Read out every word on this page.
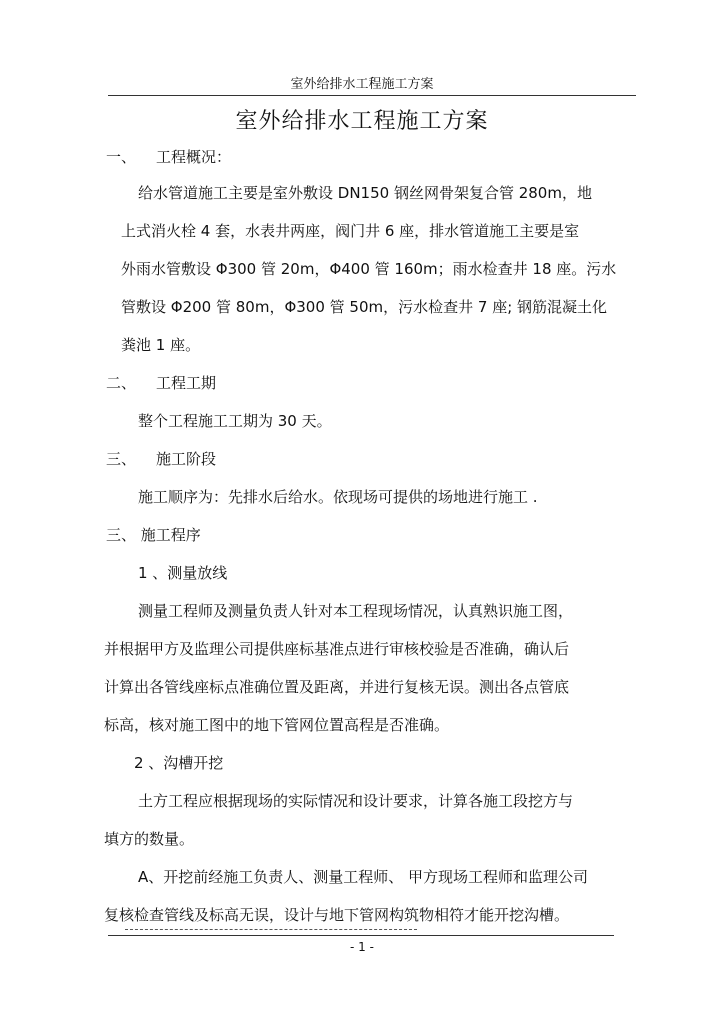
室外给排水工程施工方案
室外给排水工程施工方案
一、 工程概况：
给水管道施工主要是室外敷设 DN150 钢丝网骨架复合管 280m，地
上式消火栓 4 套，水表井两座，阀门井 6 座，排水管道施工主要是室
外雨水管敷设 Φ300 管 20m，Φ400 管 160m；雨水检查井 18 座。污水
管敷设 Φ200 管 80m，Φ300 管 50m，污水检查井 7 座; 钢筋混凝土化
粪池 1 座。
二、 工程工期
整个工程施工工期为 30 天。
三、 施工阶段
施工顺序为：先排水后给水。依现场可提供的场地进行施工 .
三、 施工程序
1 、测量放线
测量工程师及测量负责人针对本工程现场情况，认真熟识施工图，
并根据甲方及监理公司提供座标基准点进行审核校验是否准确，确认后
计算出各管线座标点准确位置及距离，并进行复核无误。测出各点管底
标高，核对施工图中的地下管网位置高程是否准确。
2 、沟槽开挖
土方工程应根据现场的实际情况和设计要求，计算各施工段挖方与
填方的数量。
A、开挖前经施工负责人、测量工程师、 甲方现场工程师和监理公司
复核检查管线及标高无误，设计与地下管网构筑物相符才能开挖沟槽。
- 1 -
